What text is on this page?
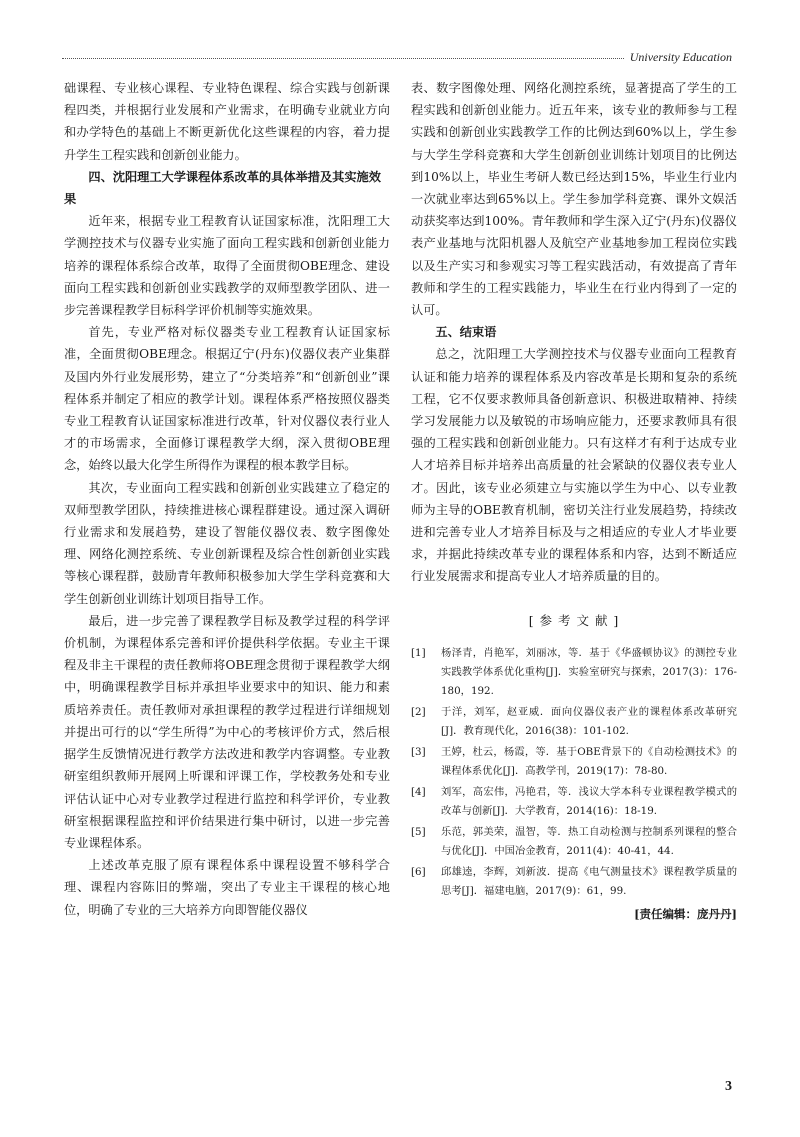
University Education

础课程、专业核心课程、专业特色课程、综合实践与创新课程四类，并根据行业发展和产业需求，在明确专业就业方向和办学特色的基础上不断更新优化这些课程的内容，着力提升学生工程实践和创新创业能力。

四、沈阳理工大学课程体系改革的具体举措及其实施效果

近年来，根据专业工程教育认证国家标准，沈阳理工大学测控技术与仪器专业实施了面向工程实践和创新创业能力培养的课程体系综合改革，取得了全面贯彻OBE理念、建设面向工程实践和创新创业实践教学的双师型教学团队、进一步完善课程教学目标科学评价机制等实施效果。

首先，专业严格对标仪器类专业工程教育认证国家标准，全面贯彻OBE理念。根据辽宁(丹东)仪器仪表产业集群及国内外行业发展形势，建立了“分类培养”和“创新创业”课程体系并制定了相应的教学计划。课程体系严格按照仪器类专业工程教育认证国家标准进行改革，针对仪器仪表行业人才的市场需求，全面修订课程教学大纲，深入贯彻OBE理念，始终以最大化学生所得作为课程的根本教学目标。

其次，专业面向工程实践和创新创业实践建立了稳定的双师型教学团队，持续推进核心课程群建设。通过深入调研行业需求和发展趋势，建设了智能仪器仪表、数字图像处理、网络化测控系统、专业创新课程及综合性创新创业实践等核心课程群，鼓励青年教师积极参加大学生学科竞赛和大学生创新创业训练计划项目指导工作。

最后，进一步完善了课程教学目标及教学过程的科学评价机制，为课程体系完善和评价提供科学依据。专业主干课程及非主干课程的责任教师将OBE理念贯彻于课程教学大纲中，明确课程教学目标并承担毕业要求中的知识、能力和素质培养责任。责任教师对承担课程的教学过程进行详细规划并提出可行的以“学生所得”为中心的考核评价方式，然后根据学生反馈情况进行教学方法改进和教学内容调整。专业教研室组织教师开展网上听课和评课工作，学校教务处和专业评估认证中心对专业教学过程进行监控和科学评价，专业教研室根据课程监控和评价结果进行集中研讨，以进一步完善专业课程体系。

上述改革克服了原有课程体系中课程设置不够科学合理、课程内容陈旧的弊端，突出了专业主干课程的核心地位，明确了专业的三大培养方向即智能仪器仪

表、数字图像处理、网络化测控系统，显著提高了学生的工程实践和创新创业能力。近五年来，该专业的教师参与工程实践和创新创业实践教学工作的比例达到60%以上，学生参与大学生学科竞赛和大学生创新创业训练计划项目的比例达到10%以上，毕业生考研人数已经达到15%，毕业生行业内一次就业率达到65%以上。学生参加学科竞赛、课外文娱活动获奖率达到100%。青年教师和学生深入辽宁(丹东)仪器仪表产业基地与沈阳机器人及航空产业基地参加工程岗位实践以及生产实习和参观实习等工程实践活动，有效提高了青年教师和学生的工程实践能力，毕业生在行业内得到了一定的认可。

五、结束语

总之，沈阳理工大学测控技术与仪器专业面向工程教育认证和能力培养的课程体系及内容改革是长期和复杂的系统工程，它不仅要求教师具备创新意识、积极进取精神、持续学习发展能力以及敏锐的市场响应能力，还要求教师具有很强的工程实践和创新创业能力。只有这样才有利于达成专业人才培养目标并培养出高质量的社会紧缺的仪器仪表专业人才。因此，该专业必须建立与实施以学生为中心、以专业教师为主导的OBE教育机制，密切关注行业发展趋势，持续改进和完善专业人才培养目标及与之相适应的专业人才毕业要求，并据此持续改革专业的课程体系和内容，达到不断适应行业发展需求和提高专业人才培养质量的目的。

[ 参 考 文 献 ]
[1]	杨泽青，肖艳军，刘丽冰，等．基于《华盛顿协议》的测控专业实践教学体系优化重构[J]．实验室研究与探索，2017(3)：176-180，192.
[2]	于洋，刘军，赵亚威．面向仪器仪表产业的课程体系改革研究[J]．教育现代化，2016(38)：101-102.
[3]	王婷，杜云，杨霞，等．基于OBE背景下的《自动检测技术》的课程体系优化[J]．高教学刊，2019(17)：78-80.
[4]	刘军，高宏伟，冯艳君，等．浅议大学本科专业课程教学模式的改革与创新[J]．大学教育，2014(16)：18-19.
[5]	乐范，郭美荣，温智，等．热工自动检测与控制系列课程的整合与优化[J]．中国冶金教育，2011(4)：40-41，44.
[6]	邱雄逵，李辉，刘新波．提高《电气测量技术》课程教学质量的思考[J]．福建电脑，2017(9)：61，99.
[责任编辑：庞丹丹]
3
